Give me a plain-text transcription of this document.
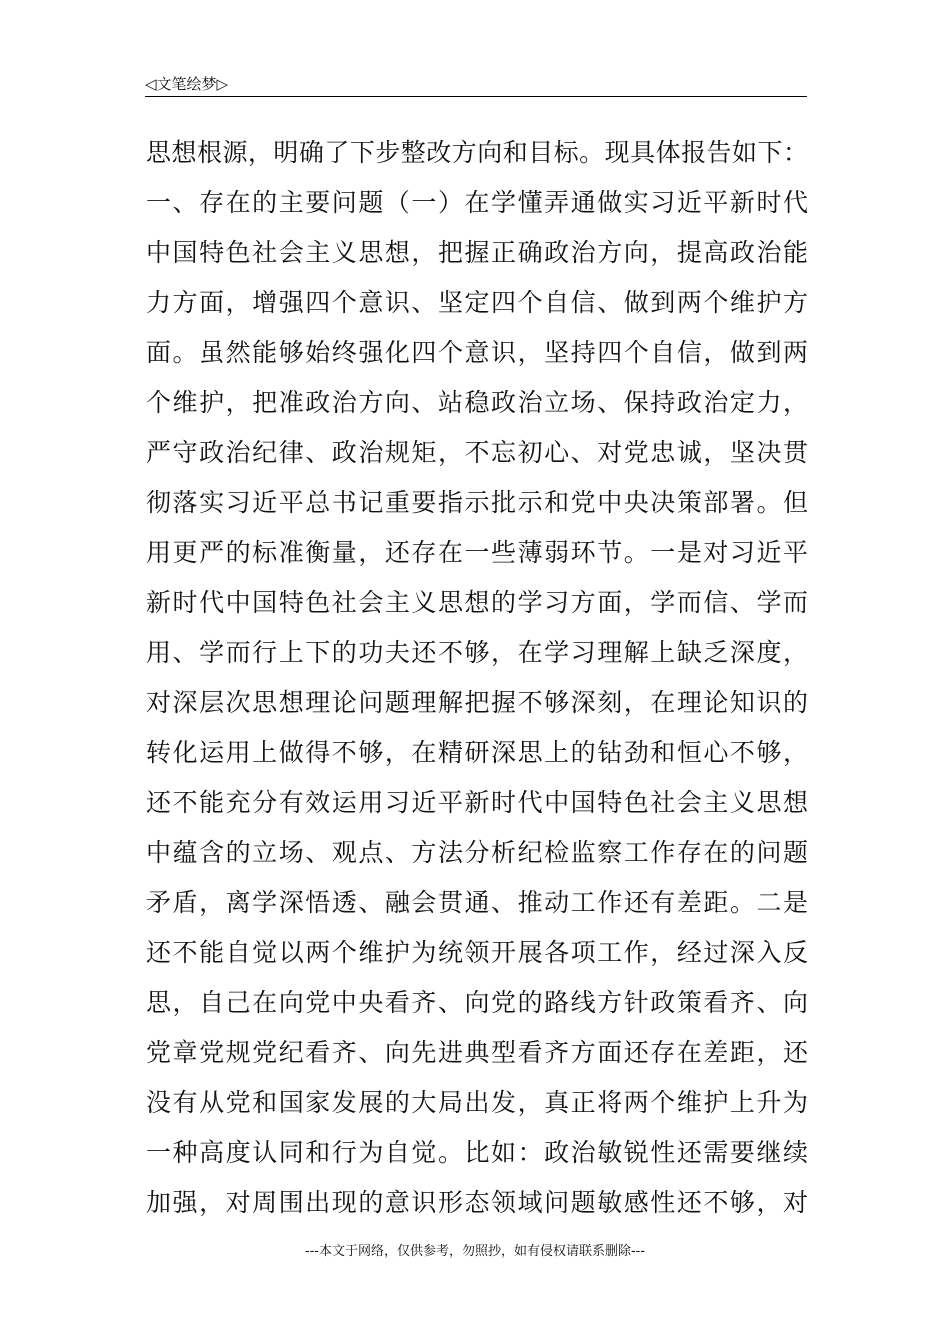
◁文笔绘梦▷
思想根源，明确了下步整改方向和目标。现具体报告如下：
一、存在的主要问题（一）在学懂弄通做实习近平新时代
中国特色社会主义思想，把握正确政治方向，提高政治能
力方面，增强四个意识、坚定四个自信、做到两个维护方
面。虽然能够始终强化四个意识，坚持四个自信，做到两
个维护，把准政治方向、站稳政治立场、保持政治定力，
严守政治纪律、政治规矩，不忘初心、对党忠诚，坚决贯
彻落实习近平总书记重要指示批示和党中央决策部署。但
用更严的标准衡量，还存在一些薄弱环节。一是对习近平
新时代中国特色社会主义思想的学习方面，学而信、学而
用、学而行上下的功夫还不够，在学习理解上缺乏深度，
对深层次思想理论问题理解把握不够深刻，在理论知识的
转化运用上做得不够，在精研深思上的钻劲和恒心不够，
还不能充分有效运用习近平新时代中国特色社会主义思想
中蕴含的立场、观点、方法分析纪检监察工作存在的问题
矛盾，离学深悟透、融会贯通、推动工作还有差距。二是
还不能自觉以两个维护为统领开展各项工作，经过深入反
思，自己在向党中央看齐、向党的路线方针政策看齐、向
党章党规党纪看齐、向先进典型看齐方面还存在差距，还
没有从党和国家发展的大局出发，真正将两个维护上升为
一种高度认同和行为自觉。比如：政治敏锐性还需要继续
加强，对周围出现的意识形态领域问题敏感性还不够，对
---本文于网络，仅供参考，勿照抄，如有侵权请联系删除---
